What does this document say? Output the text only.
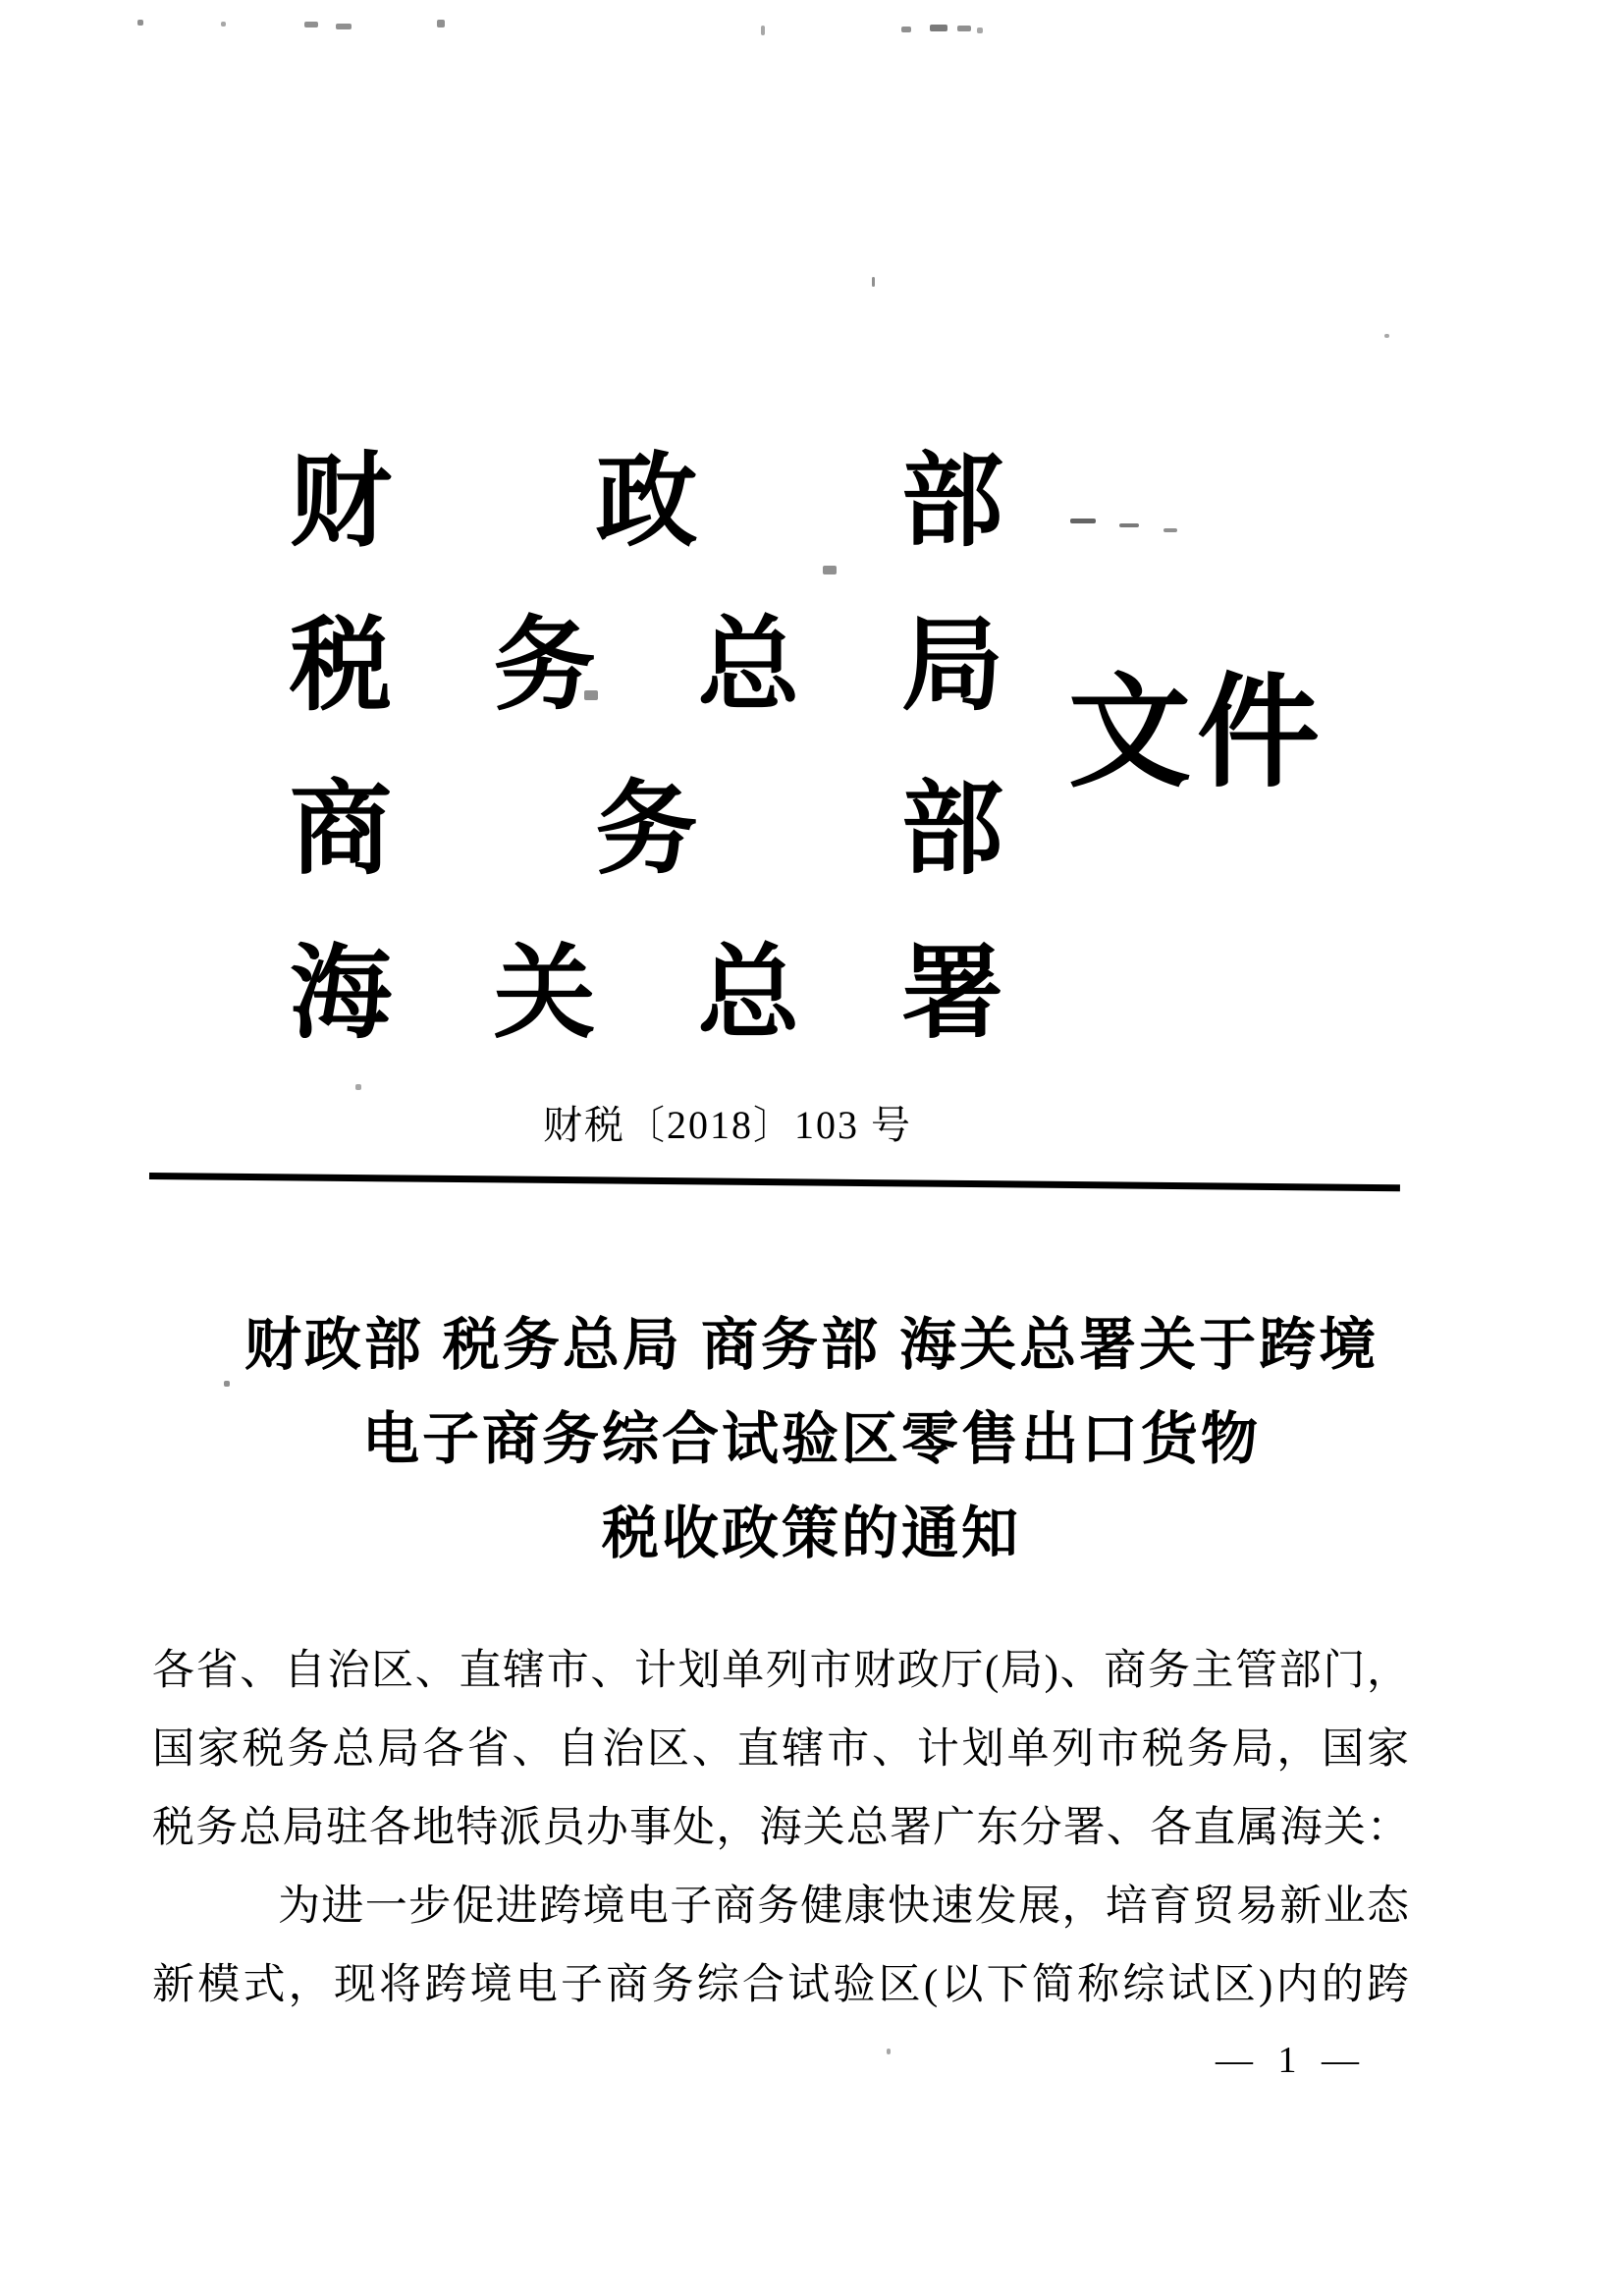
财 政 部
税 务 总 局
商 务 部
海 关 总 署
文件
财税〔2018〕103 号
财政部 税务总局 商务部 海关总署关于跨境
电子商务综合试验区零售出口货物
税收政策的通知
各省、自治区、直辖市、计划单列市财政厅(局)、商务主管部门，
国家税务总局各省、自治区、直辖市、计划单列市税务局，国家
税务总局驻各地特派员办事处，海关总署广东分署、各直属海关：
为进一步促进跨境电子商务健康快速发展，培育贸易新业态
新模式，现将跨境电子商务综合试验区(以下简称综试区)内的跨
— 1 —
